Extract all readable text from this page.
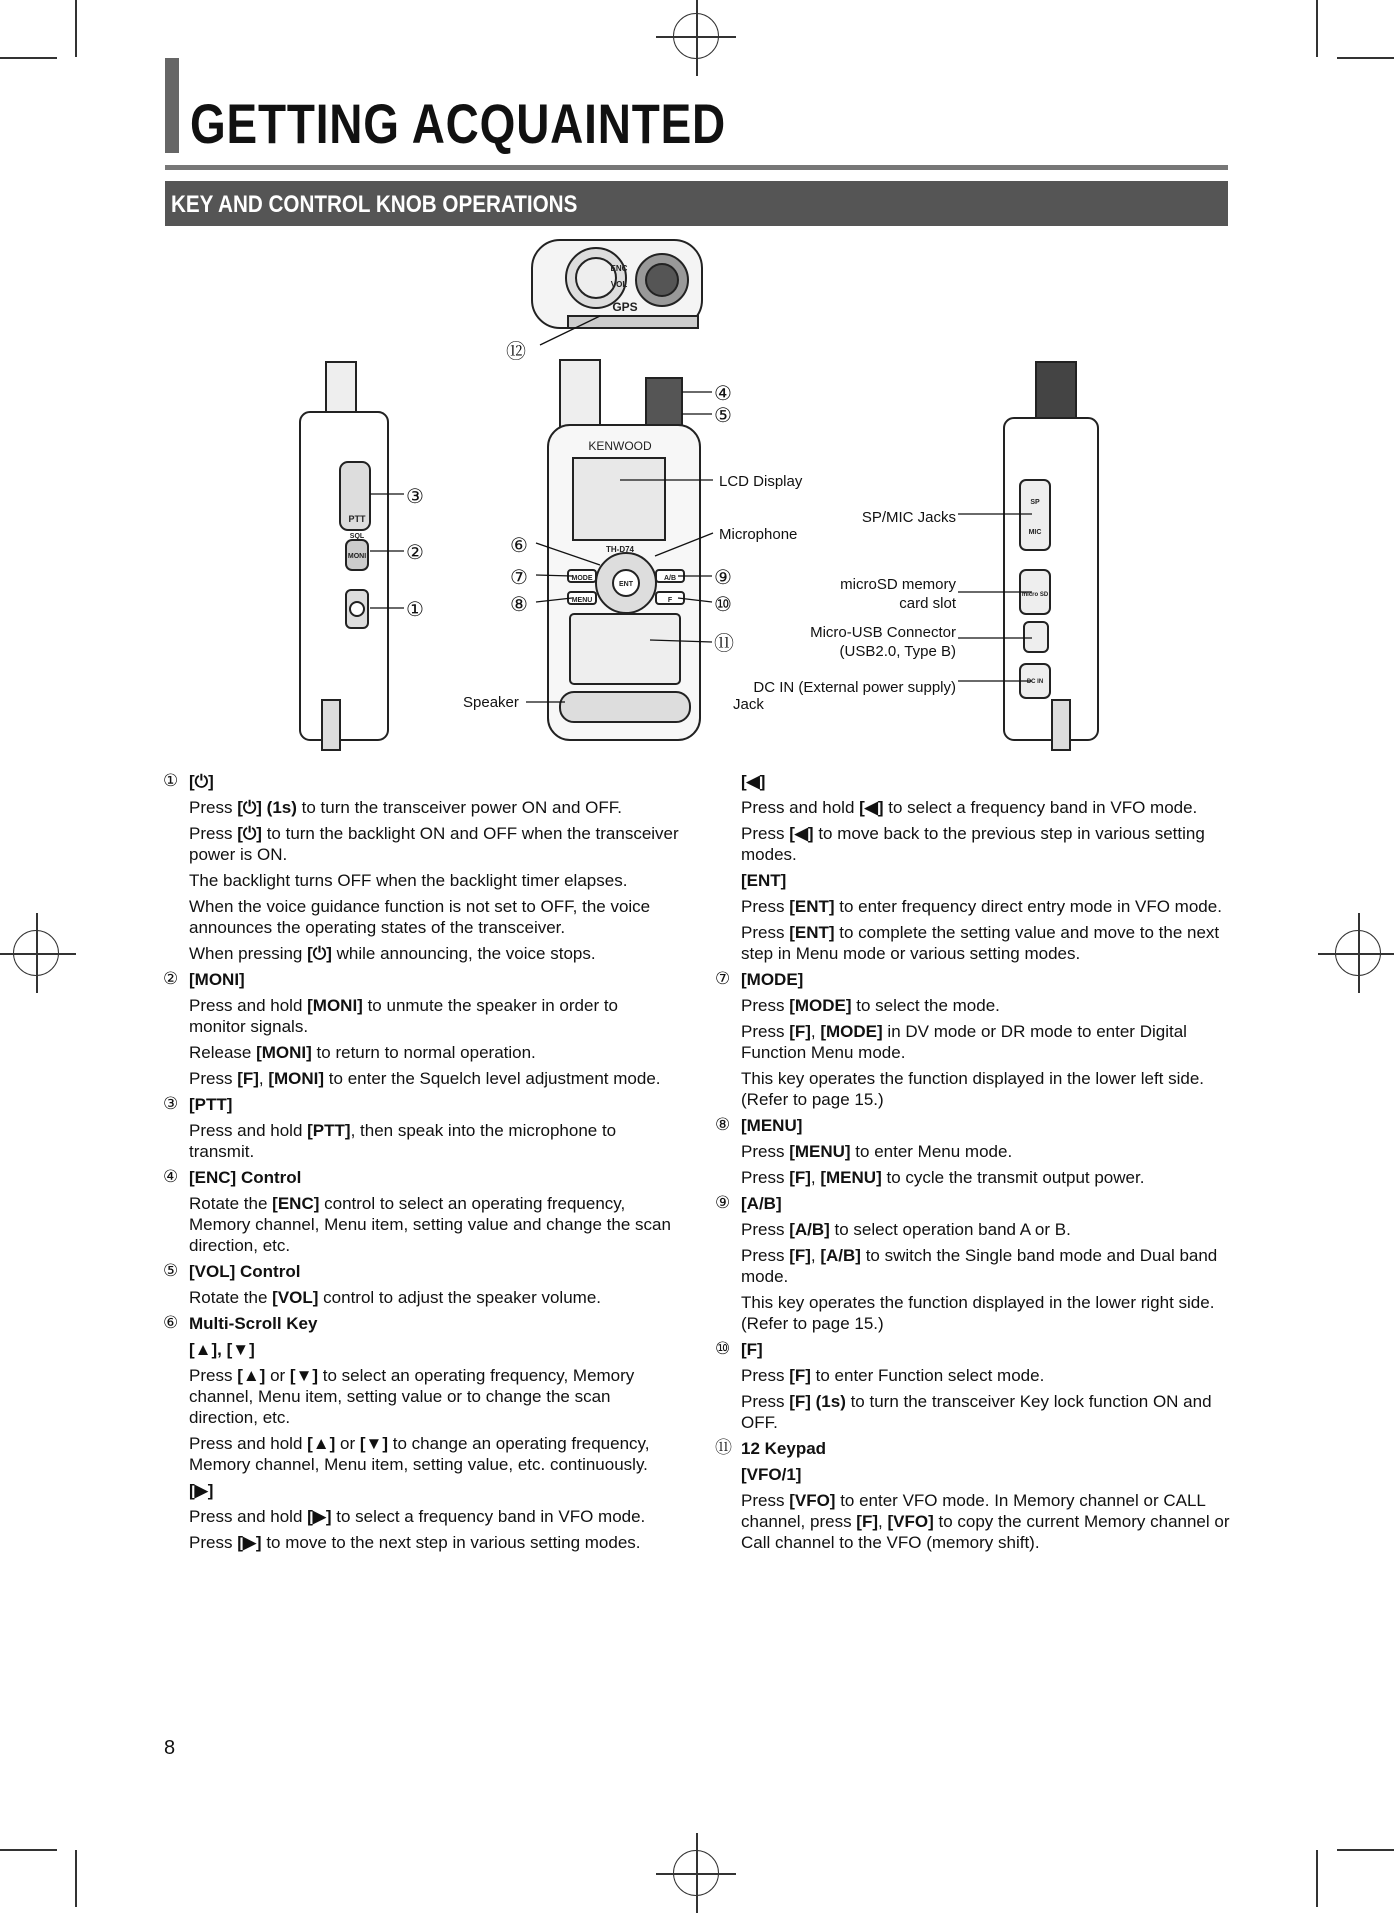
GETTING ACQUAINTED
KEY AND CONTROL KNOB OPERATIONS
ENC
VOL
GPS
PTT
SQL
MONI
KENWOOD
TH-D74
MODE
MENU
A/B
F
ENT
SP
MIC
micro SD
DC IN
①
②
③
④
⑤
⑥
⑦
⑧
⑨
⑩
⑪
⑫
LCD Display
Microphone
Speaker
SP/MIC Jacks
microSD memory
card slot
Micro-USB Connector
(USB2.0, Type B)
DC IN (External power supply)
Jack
① [⏻]
Press [⏻] (1s) to turn the transceiver power ON and OFF.
Press [⏻] to turn the backlight ON and OFF when the transceiver power is ON.
The backlight turns OFF when the backlight timer elapses.
When the voice guidance function is not set to OFF, the voice announces the operating states of the transceiver.
When pressing [⏻] while announcing, the voice stops.
② [MONI]
Press and hold [MONI] to unmute the speaker in order to monitor signals.
Release [MONI] to return to normal operation.
Press [F], [MONI] to enter the Squelch level adjustment mode.
③ [PTT]
Press and hold [PTT], then speak into the microphone to transmit.
④ [ENC] Control
Rotate the [ENC] control to select an operating frequency, Memory channel, Menu item, setting value and change the scan direction, etc.
⑤ [VOL] Control
Rotate the [VOL] control to adjust the speaker volume.
⑥ Multi-Scroll Key
[▲], [▼]
Press [▲] or [▼] to select an operating frequency, Memory channel, Menu item, setting value or to change the scan direction, etc.
Press and hold [▲] or [▼] to change an operating frequency, Memory channel, Menu item, setting value, etc. continuously.
[▶]
Press and hold [▶] to select a frequency band in VFO mode.
Press [▶] to move to the next step in various setting modes.
[◀]
Press and hold [◀] to select a frequency band in VFO mode.
Press [◀] to move back to the previous step in various setting modes.
[ENT]
Press [ENT] to enter frequency direct entry mode in VFO mode.
Press [ENT] to complete the setting value and move to the next step in Menu mode or various setting modes.
⑦ [MODE]
Press [MODE] to select the mode.
Press [F], [MODE] in DV mode or DR mode to enter Digital Function Menu mode.
This key operates the function displayed in the lower left side. (Refer to page 15.)
⑧ [MENU]
Press [MENU] to enter Menu mode.
Press [F], [MENU] to cycle the transmit output power.
⑨ [A/B]
Press [A/B] to select operation band A or B.
Press [F], [A/B] to switch the Single band mode and Dual band mode.
This key operates the function displayed in the lower right side. (Refer to page 15.)
⑩ [F]
Press [F] to enter Function select mode.
Press [F] (1s) to turn the transceiver Key lock function ON and OFF.
⑪ 12 Keypad
[VFO/1]
Press [VFO] to enter VFO mode. In Memory channel or CALL channel, press [F], [VFO] to copy the current Memory channel or Call channel to the VFO (memory shift).
8
